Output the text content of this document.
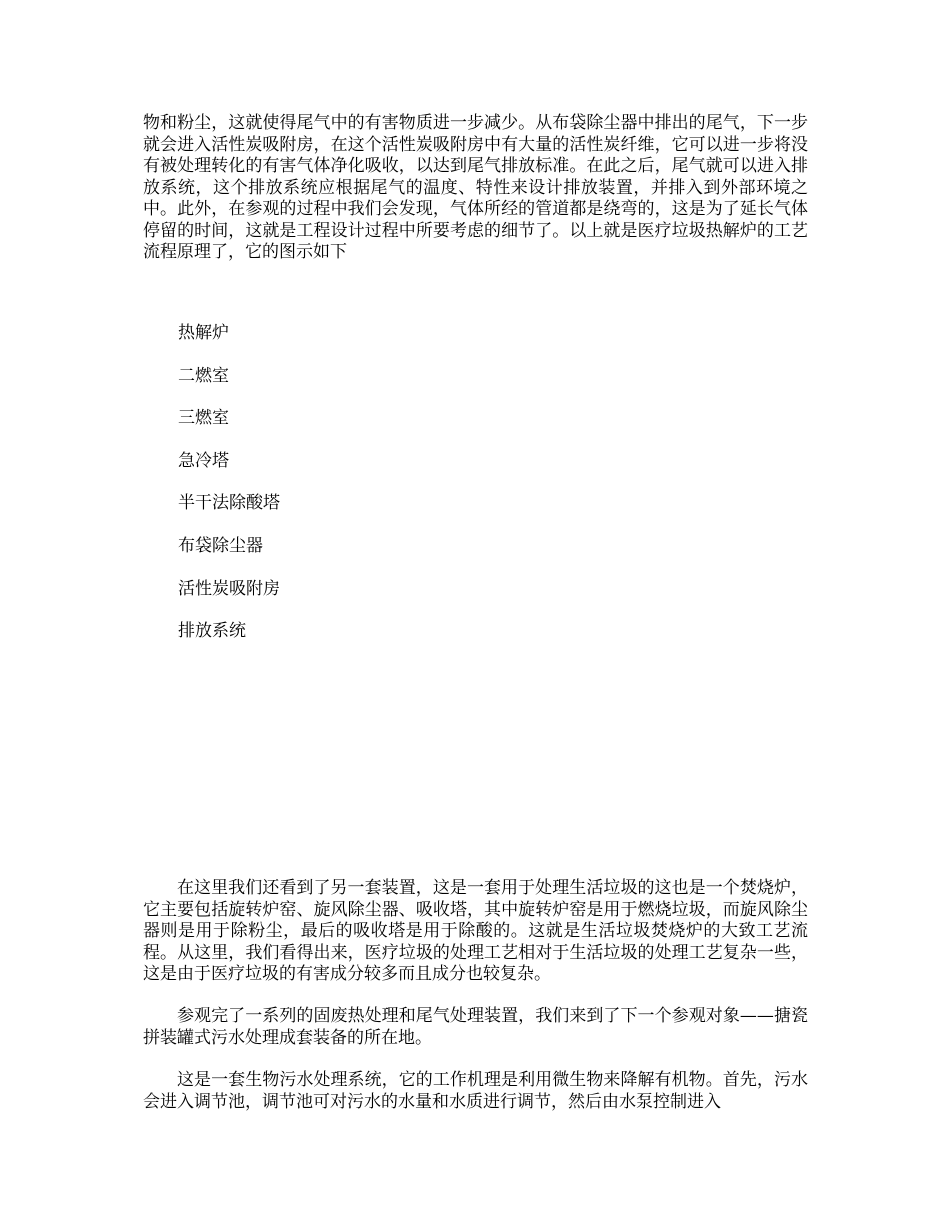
物和粉尘，这就使得尾气中的有害物质进一步减少。从布袋除尘器中排出的尾气，下一步就会进入活性炭吸附房，在这个活性炭吸附房中有大量的活性炭纤维，它可以进一步将没有被处理转化的有害气体净化吸收，以达到尾气排放标准。在此之后，尾气就可以进入排放系统，这个排放系统应根据尾气的温度、特性来设计排放装置，并排入到外部环境之中。此外，在参观的过程中我们会发现，气体所经的管道都是绕弯的，这是为了延长气体停留的时间，这就是工程设计过程中所要考虑的细节了。以上就是医疗垃圾热解炉的工艺流程原理了，它的图示如下

热解炉
二燃室
三燃室
急冷塔
半干法除酸塔
布袋除尘器
活性炭吸附房
排放系统

在这里我们还看到了另一套装置，这是一套用于处理生活垃圾的这也是一个焚烧炉，它主要包括旋转炉窑、旋风除尘器、吸收塔，其中旋转炉窑是用于燃烧垃圾，而旋风除尘器则是用于除粉尘，最后的吸收塔是用于除酸的。这就是生活垃圾焚烧炉的大致工艺流程。从这里，我们看得出来，医疗垃圾的处理工艺相对于生活垃圾的处理工艺复杂一些，这是由于医疗垃圾的有害成分较多而且成分也较复杂。

参观完了一系列的固废热处理和尾气处理装置，我们来到了下一个参观对象——搪瓷拼装罐式污水处理成套装备的所在地。

这是一套生物污水处理系统，它的工作机理是利用微生物来降解有机物。首先，污水会进入调节池，调节池可对污水的水量和水质进行调节，然后由水泵控制进入
